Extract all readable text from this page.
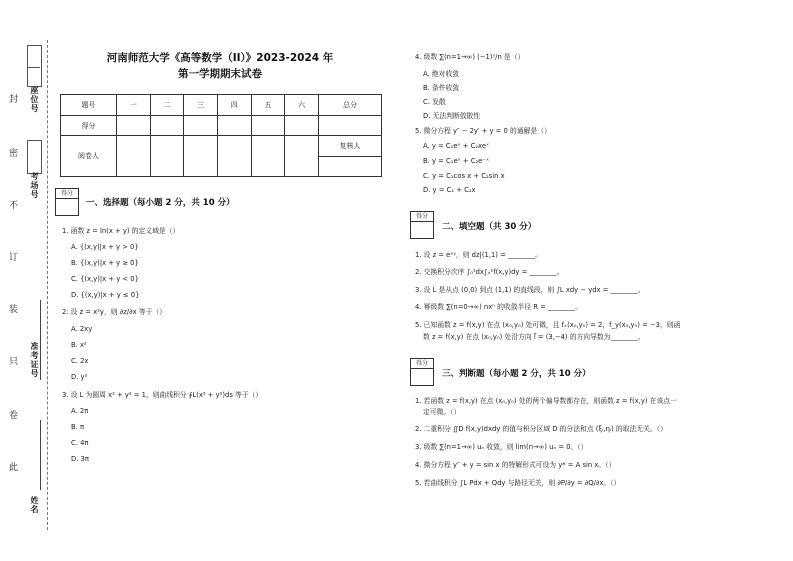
座位号
考场号
准考证号
姓名
封
密
不
订
装
只
卷
此
河南师范大学《高等数学（II）》2023-2024 年
第一学期期末试卷
题号	一	二	三	四	五	六	总分
得分							
阅卷人							复核人

得分
一、选择题（每小题 2 分，共 10 分）
1. 函数 z = ln(x + y) 的定义域是（）
A. {(x,y)|x + y > 0}
B. {(x,y)|x + y ≥ 0}
C. {(x,y)|x + y < 0}
D. {(x,y)|x + y ≤ 0}
2. 设 z = x²y，则 ∂z/∂x 等于（）
A. 2xy
B. x²
C. 2x
D. y²
3. 设 L 为圆周 x² + y² = 1，则曲线积分 ∮L(x² + y²)ds 等于（）
A. 2π
B. π
C. 4π
D. 3π
4. 级数 ∑(n=1→∞) (−1)ⁿ/n 是（）
A. 绝对收敛
B. 条件收敛
C. 发散
D. 无法判断敛散性
5. 微分方程 y″ − 2y′ + y = 0 的通解是（）
A. y = C₁eˣ + C₂xeˣ
B. y = C₁eˣ + C₂e⁻ˣ
C. y = C₁cos x + C₂sin x
D. y = C₁ + C₂x
得分
二、填空题（共 30 分）
1. 设 z = eˣʸ，则 dz|(1,1) = ________。
2. 交换积分次序 ∫₀¹dx∫ₓ¹f(x,y)dy = ________。
3. 设 L 是从点 (0,0) 到点 (1,1) 的直线段，则 ∫L xdy − ydx = ________。
4. 幂级数 ∑(n=0→∞) nxⁿ 的收敛半径 R = ________。
5. 已知函数 z = f(x,y) 在点 (x₀,y₀) 处可微，且 fₓ(x₀,y₀) = 2，f_y(x₀,y₀) = −3，则函
数 z = f(x,y) 在点 (x₀,y₀) 处沿方向 l⃗ = (3,−4) 的方向导数为________。
得分
三、判断题（每小题 2 分，共 10 分）
1. 若函数 z = f(x,y) 在点 (x₀,y₀) 处的两个偏导数都存在，则函数 z = f(x,y) 在该点一
定可微。（）
2. 二重积分 ∬D f(x,y)dxdy 的值与积分区域 D 的分法和点 (ξᵢ,ηᵢ) 的取法无关。（）
3. 级数 ∑(n=1→∞) uₙ 收敛，则 lim(n→∞) uₙ = 0。（）
4. 微分方程 y″ + y = sin x 的特解形式可设为 y* = A sin x。（）
5. 若曲线积分 ∫L Pdx + Qdy 与路径无关，则 ∂P/∂y = ∂Q/∂x。（）
